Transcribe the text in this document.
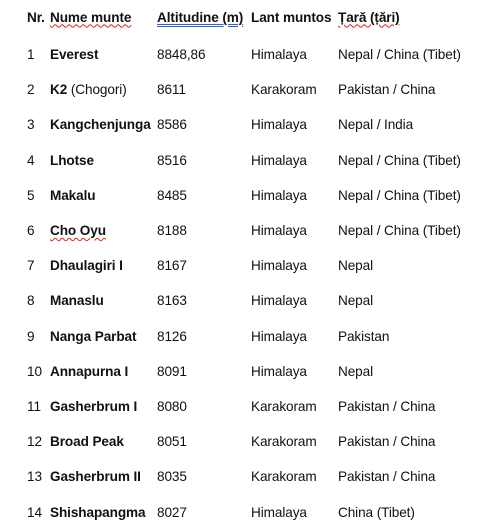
Nr.	Nume munte	Altitudine (m)	Lant muntos	Țară (țări)
1	Everest	8848,86	Himalaya	Nepal / China (Tibet)
2	K2 (Chogori)	8611	Karakoram	Pakistan / China
3	Kangchenjunga	8586	Himalaya	Nepal / India
4	Lhotse	8516	Himalaya	Nepal / China (Tibet)
5	Makalu	8485	Himalaya	Nepal / China (Tibet)
6	Cho Oyu	8188	Himalaya	Nepal / China (Tibet)
7	Dhaulagiri I	8167	Himalaya	Nepal
8	Manaslu	8163	Himalaya	Nepal
9	Nanga Parbat	8126	Himalaya	Pakistan
10	Annapurna I	8091	Himalaya	Nepal
11	Gasherbrum I	8080	Karakoram	Pakistan / China
12	Broad Peak	8051	Karakoram	Pakistan / China
13	Gasherbrum II	8035	Karakoram	Pakistan / China
14	Shishapangma	8027	Himalaya	China (Tibet)
